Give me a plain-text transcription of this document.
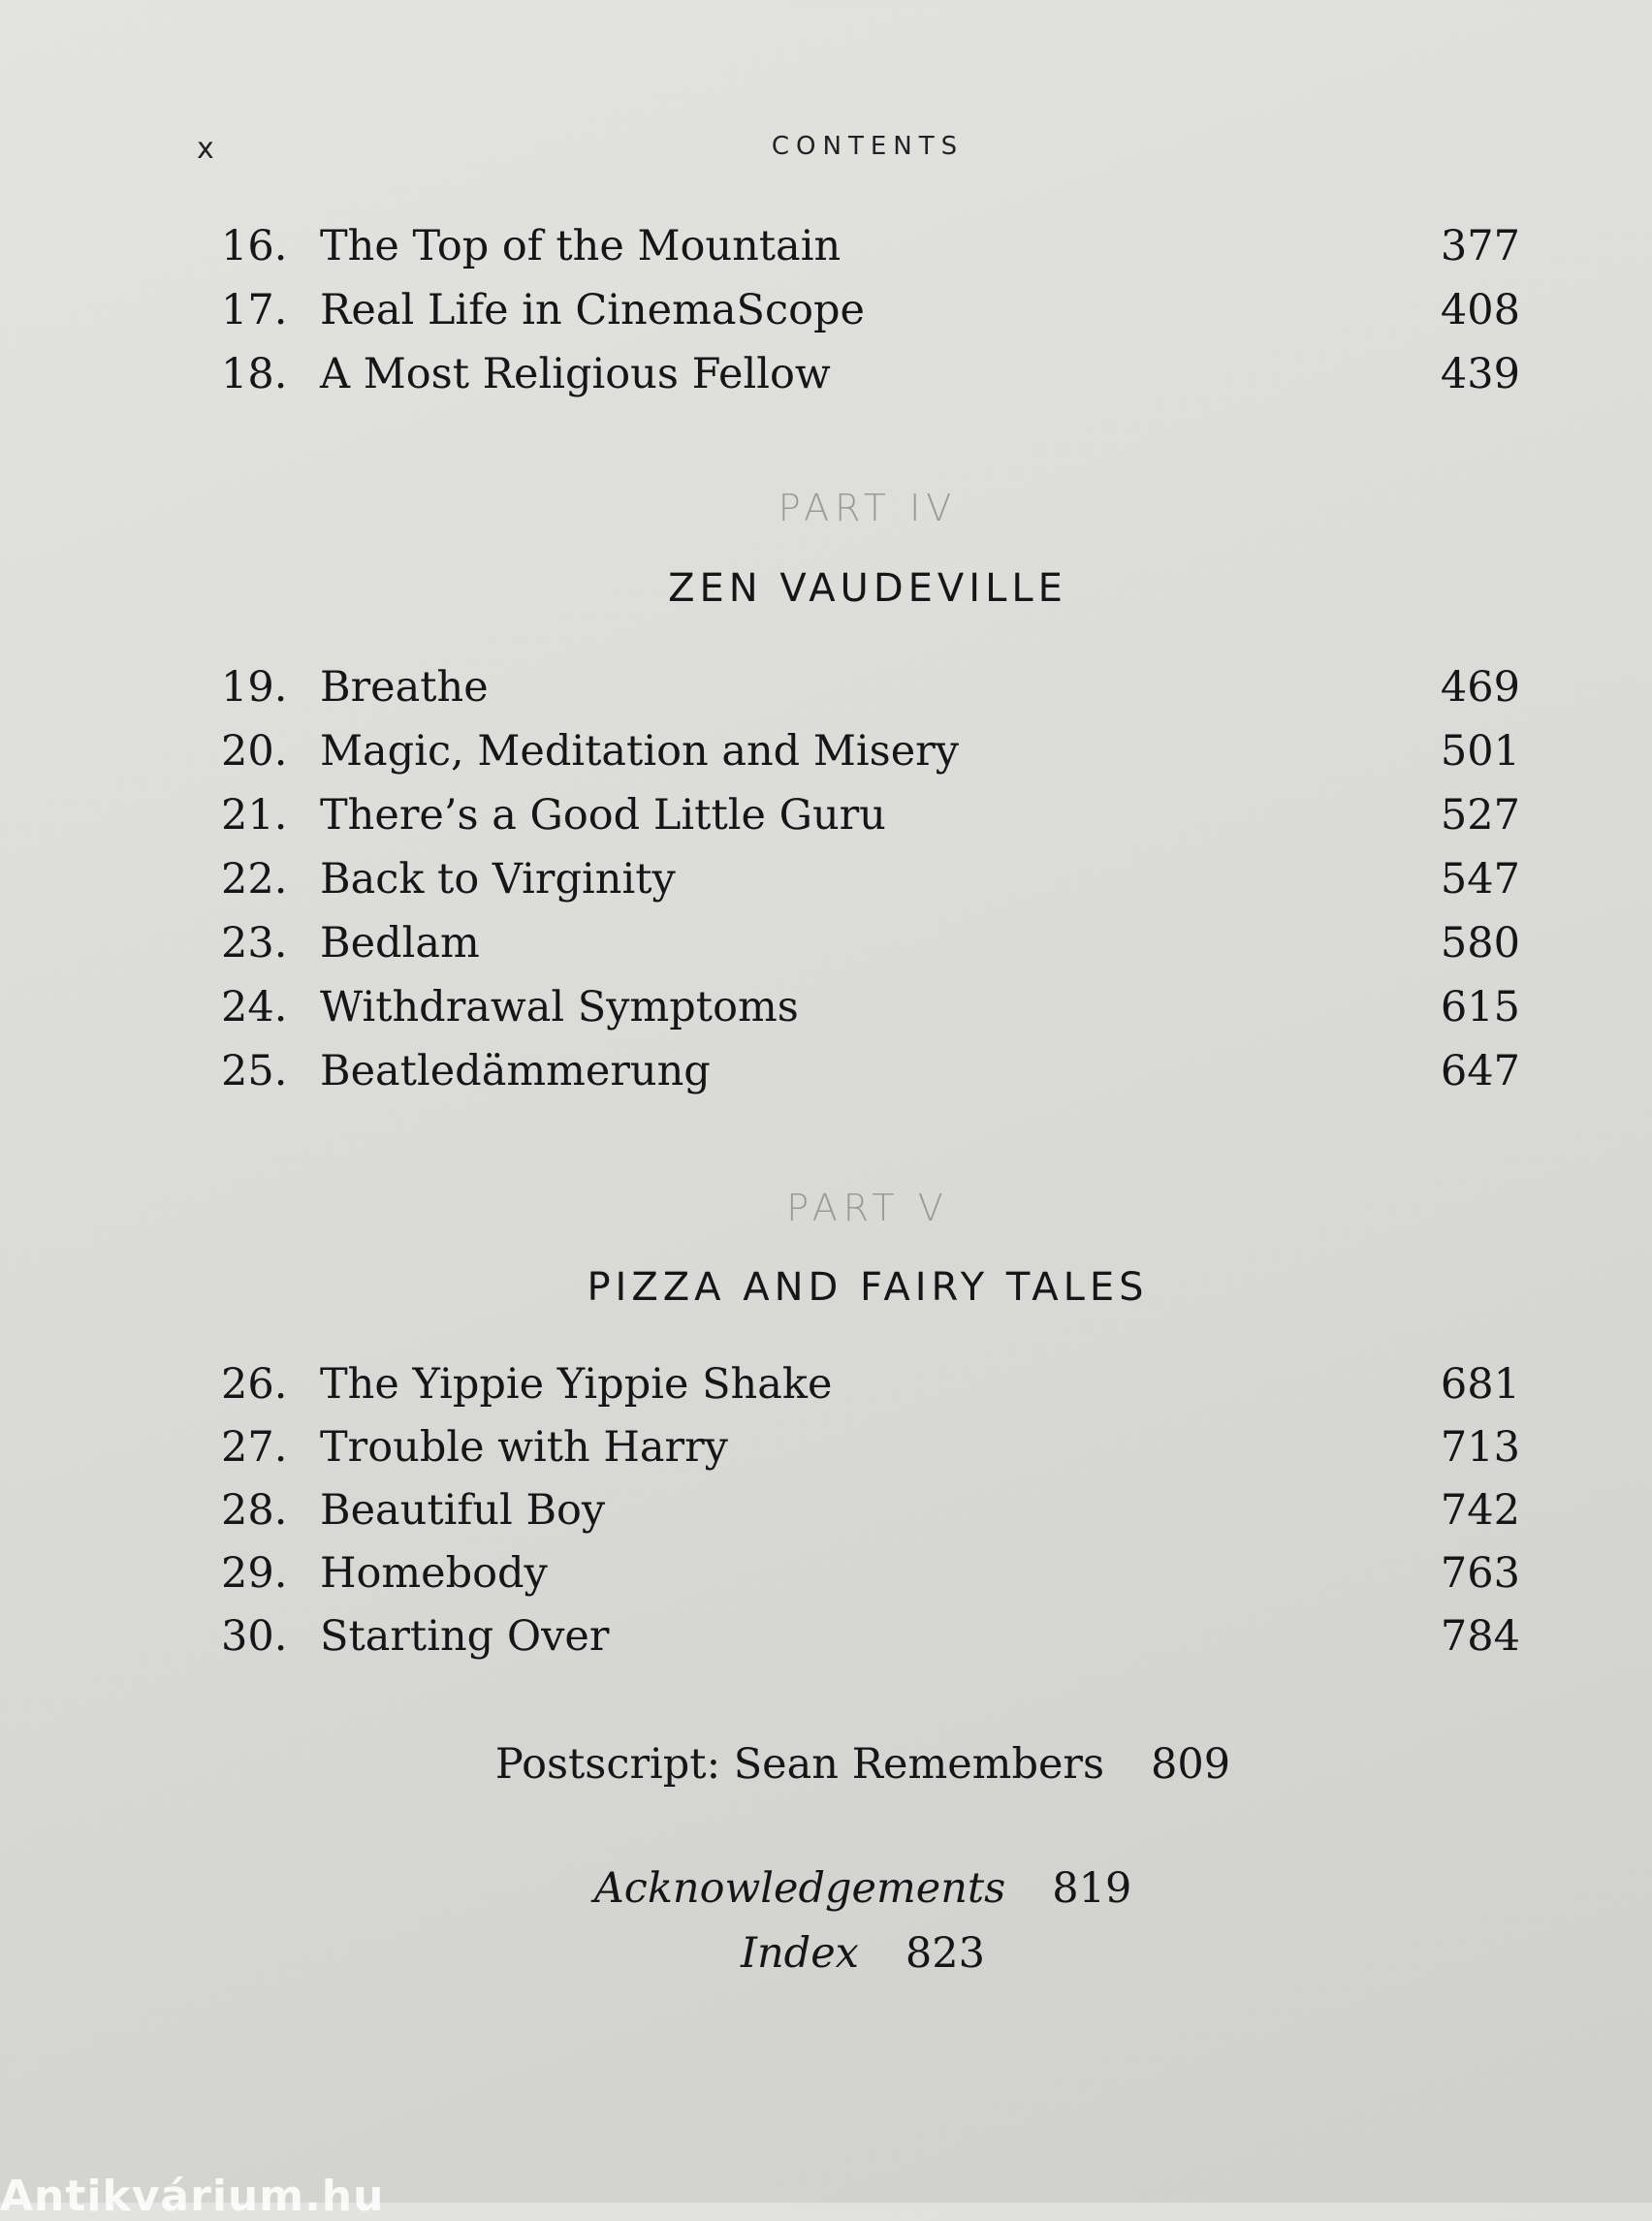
x	CONTENTS
16. The Top of the Mountain	377
17. Real Life in CinemaScope	408
18. A Most Religious Fellow	439
PART IV
ZEN VAUDEVILLE
19. Breathe	469
20. Magic, Meditation and Misery	501
21. There’s a Good Little Guru	527
22. Back to Virginity	547
23. Bedlam	580
24. Withdrawal Symptoms	615
25. Beatledämmerung	647
PART V
PIZZA AND FAIRY TALES
26. The Yippie Yippie Shake	681
27. Trouble with Harry	713
28. Beautiful Boy	742
29. Homebody	763
30. Starting Over	784
Postscript: Sean Remembers 809
Acknowledgements 819
Index 823
Antikvárium.hu
